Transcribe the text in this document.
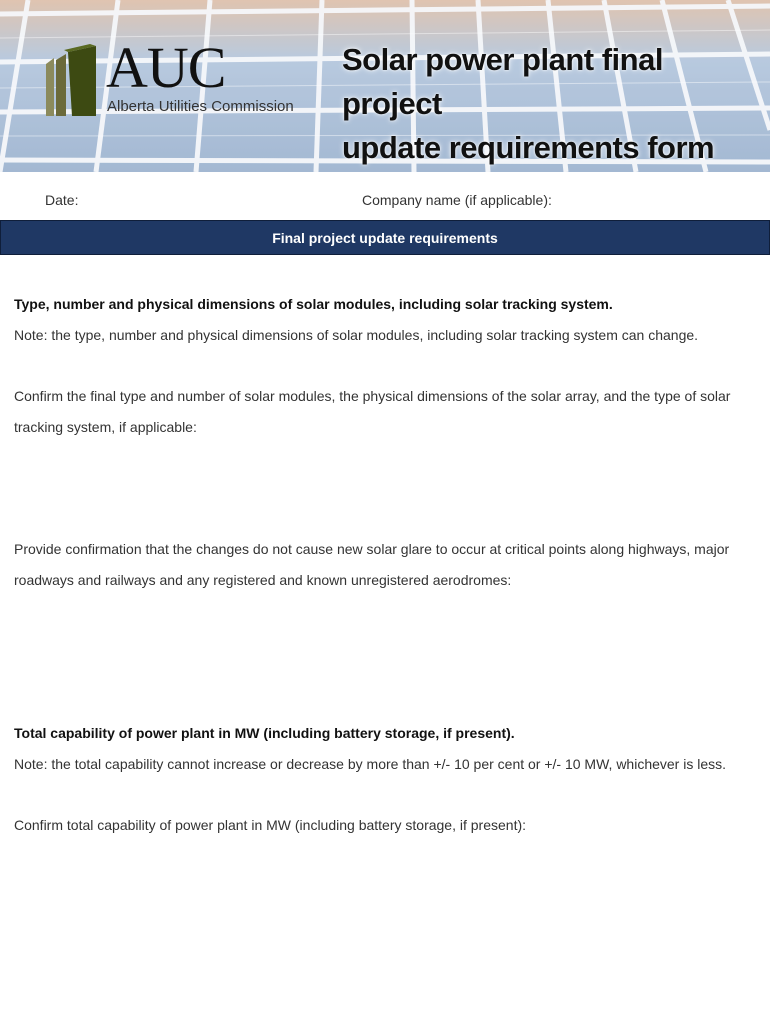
AUC
Alberta Utilities Commission
Solar power plant final project
update requirements form
Date:	Company name (if applicable):
Final project update requirements
Type, number and physical dimensions of solar modules, including solar tracking system.
Note: the type, number and physical dimensions of solar modules, including solar tracking system can change.
Confirm the final type and number of solar modules, the physical dimensions of the solar array, and the type of solar
tracking system, if applicable:
Provide confirmation that the changes do not cause new solar glare to occur at critical points along highways, major
roadways and railways and any registered and known unregistered aerodromes:
Total capability of power plant in MW (including battery storage, if present).
Note: the total capability cannot increase or decrease by more than +/- 10 per cent or +/- 10 MW, whichever is less.
Confirm total capability of power plant in MW (including battery storage, if present):
